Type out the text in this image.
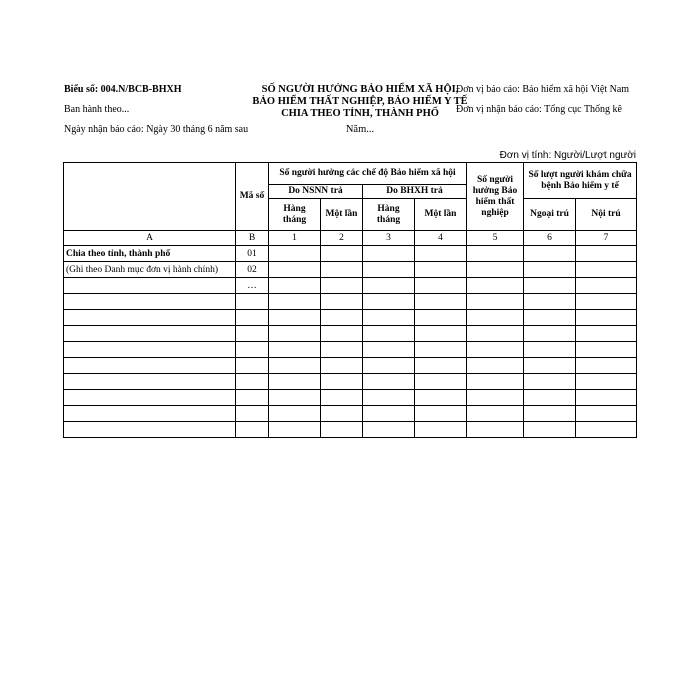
Biểu số: 004.N/BCB-BHXH
Ban hành theo...
Ngày nhận báo cáo: Ngày 30 tháng 6 năm sau
SỐ NGƯỜI HƯỞNG BẢO HIỂM XÃ HỘI, BẢO HIỂM THẤT NGHIỆP, BẢO HIỂM Y TẾ CHIA THEO TỈNH, THÀNH PHỐ
Năm...
Đơn vị báo cáo: Bảo hiểm xã hội Việt Nam
Đơn vị nhận báo cáo: Tổng cục Thống kê
Đơn vị tính: Người/Lượt người
	Mã số	Số người hưởng các chế độ Bảo hiểm xã hội				Số người hưởng Bảo hiểm thất nghiệp	Số lượt người khám chữa bệnh Bảo hiểm y tế	
		Do NSNN trả		Do BHXH trả				
		Hàng tháng	Một lần	Hàng tháng	Một lần		Ngoại trú	Nội trú
A	B	1	2	3	4	5	6	7
Chia theo tỉnh, thành phố	01							
(Ghi theo Danh mục đơn vị hành chính)	02							
	…							
